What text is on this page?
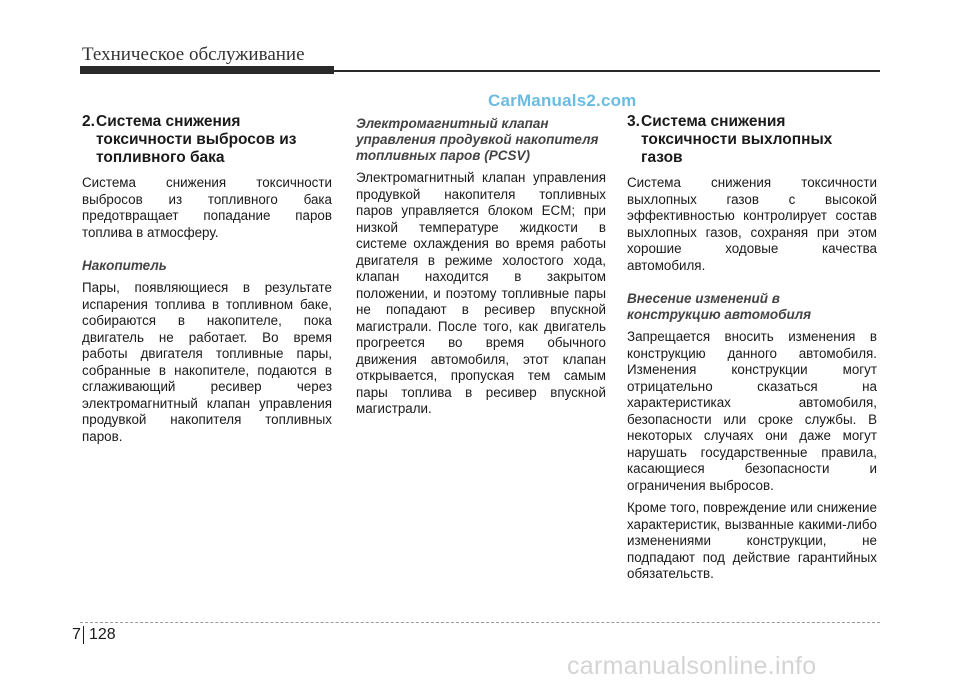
Техническое обслуживание
CarManuals2.com
2. Система снижения токсичности выбросов из топливного бака

Система снижения токсичности выбросов из топливного бака предотвращает попадание паров топлива в атмосферу.

Накопитель

Пары, появляющиеся в результате испарения топлива в топливном баке, собираются в накопителе, пока двигатель не работает. Во время работы двигателя топливные пары, собранные в накопителе, подаются в сглаживающий ресивер через электромагнитный клапан управления продувкой накопителя топливных паров.

Электромагнитный клапан управления продувкой накопителя топливных паров (PCSV)

Электромагнитный клапан управления продувкой накопителя топливных паров управляется блоком ECM; при низкой температуре жидкости в системе охлаждения во время работы двигателя в режиме холостого хода, клапан находится в закрытом положении, и поэтому топливные пары не попадают в ресивер впускной магистрали. После того, как двигатель прогреется во время обычного движения автомобиля, этот клапан открывается, пропуская тем самым пары топлива в ресивер впускной магистрали.

3. Система снижения токсичности выхлопных газов

Система снижения токсичности выхлопных газов с высокой эффективностью контролирует состав выхлопных газов, сохраняя при этом хорошие ходовые качества автомобиля.

Внесение изменений в конструкцию автомобиля

Запрещается вносить изменения в конструкцию данного автомобиля. Изменения конструкции могут отрицательно сказаться на характеристиках автомобиля, безопасности или сроке службы. В некоторых случаях они даже могут нарушать государственные правила, касающиеся безопасности и ограничения выбросов.

Кроме того, повреждение или снижение характеристик, вызванные какими-либо изменениями конструкции, не подпадают под действие гарантийных обязательств.

7 128
carmanualsonline.info
